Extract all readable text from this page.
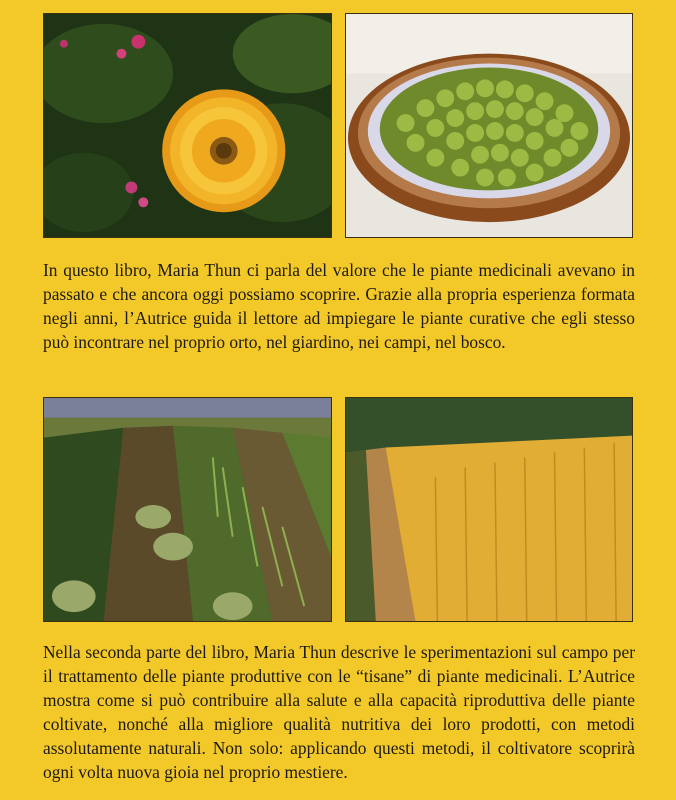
In questo libro, Maria Thun ci parla del valore che le piante medicinali avevano in passato e che ancora oggi possiamo scoprire. Grazie alla propria esperienza formata negli anni, l’Autrice guida il lettore ad impiegare le piante curative che egli stesso può incontrare nel proprio orto, nel giardino, nei campi, nel bosco.

Nella seconda parte del libro, Maria Thun descrive le sperimentazioni sul campo per il trattamento delle piante produttive con le “tisane” di piante medicinali. L’Autrice mostra come si può contribuire alla salute e alla capacità riproduttiva delle piante coltivate, nonché alla migliore qualità nutritiva dei loro prodotti, con metodi assolutamente naturali. Non solo: applicando questi metodi, il coltivatore scoprirà ogni volta nuova gioia nel proprio mestiere.
